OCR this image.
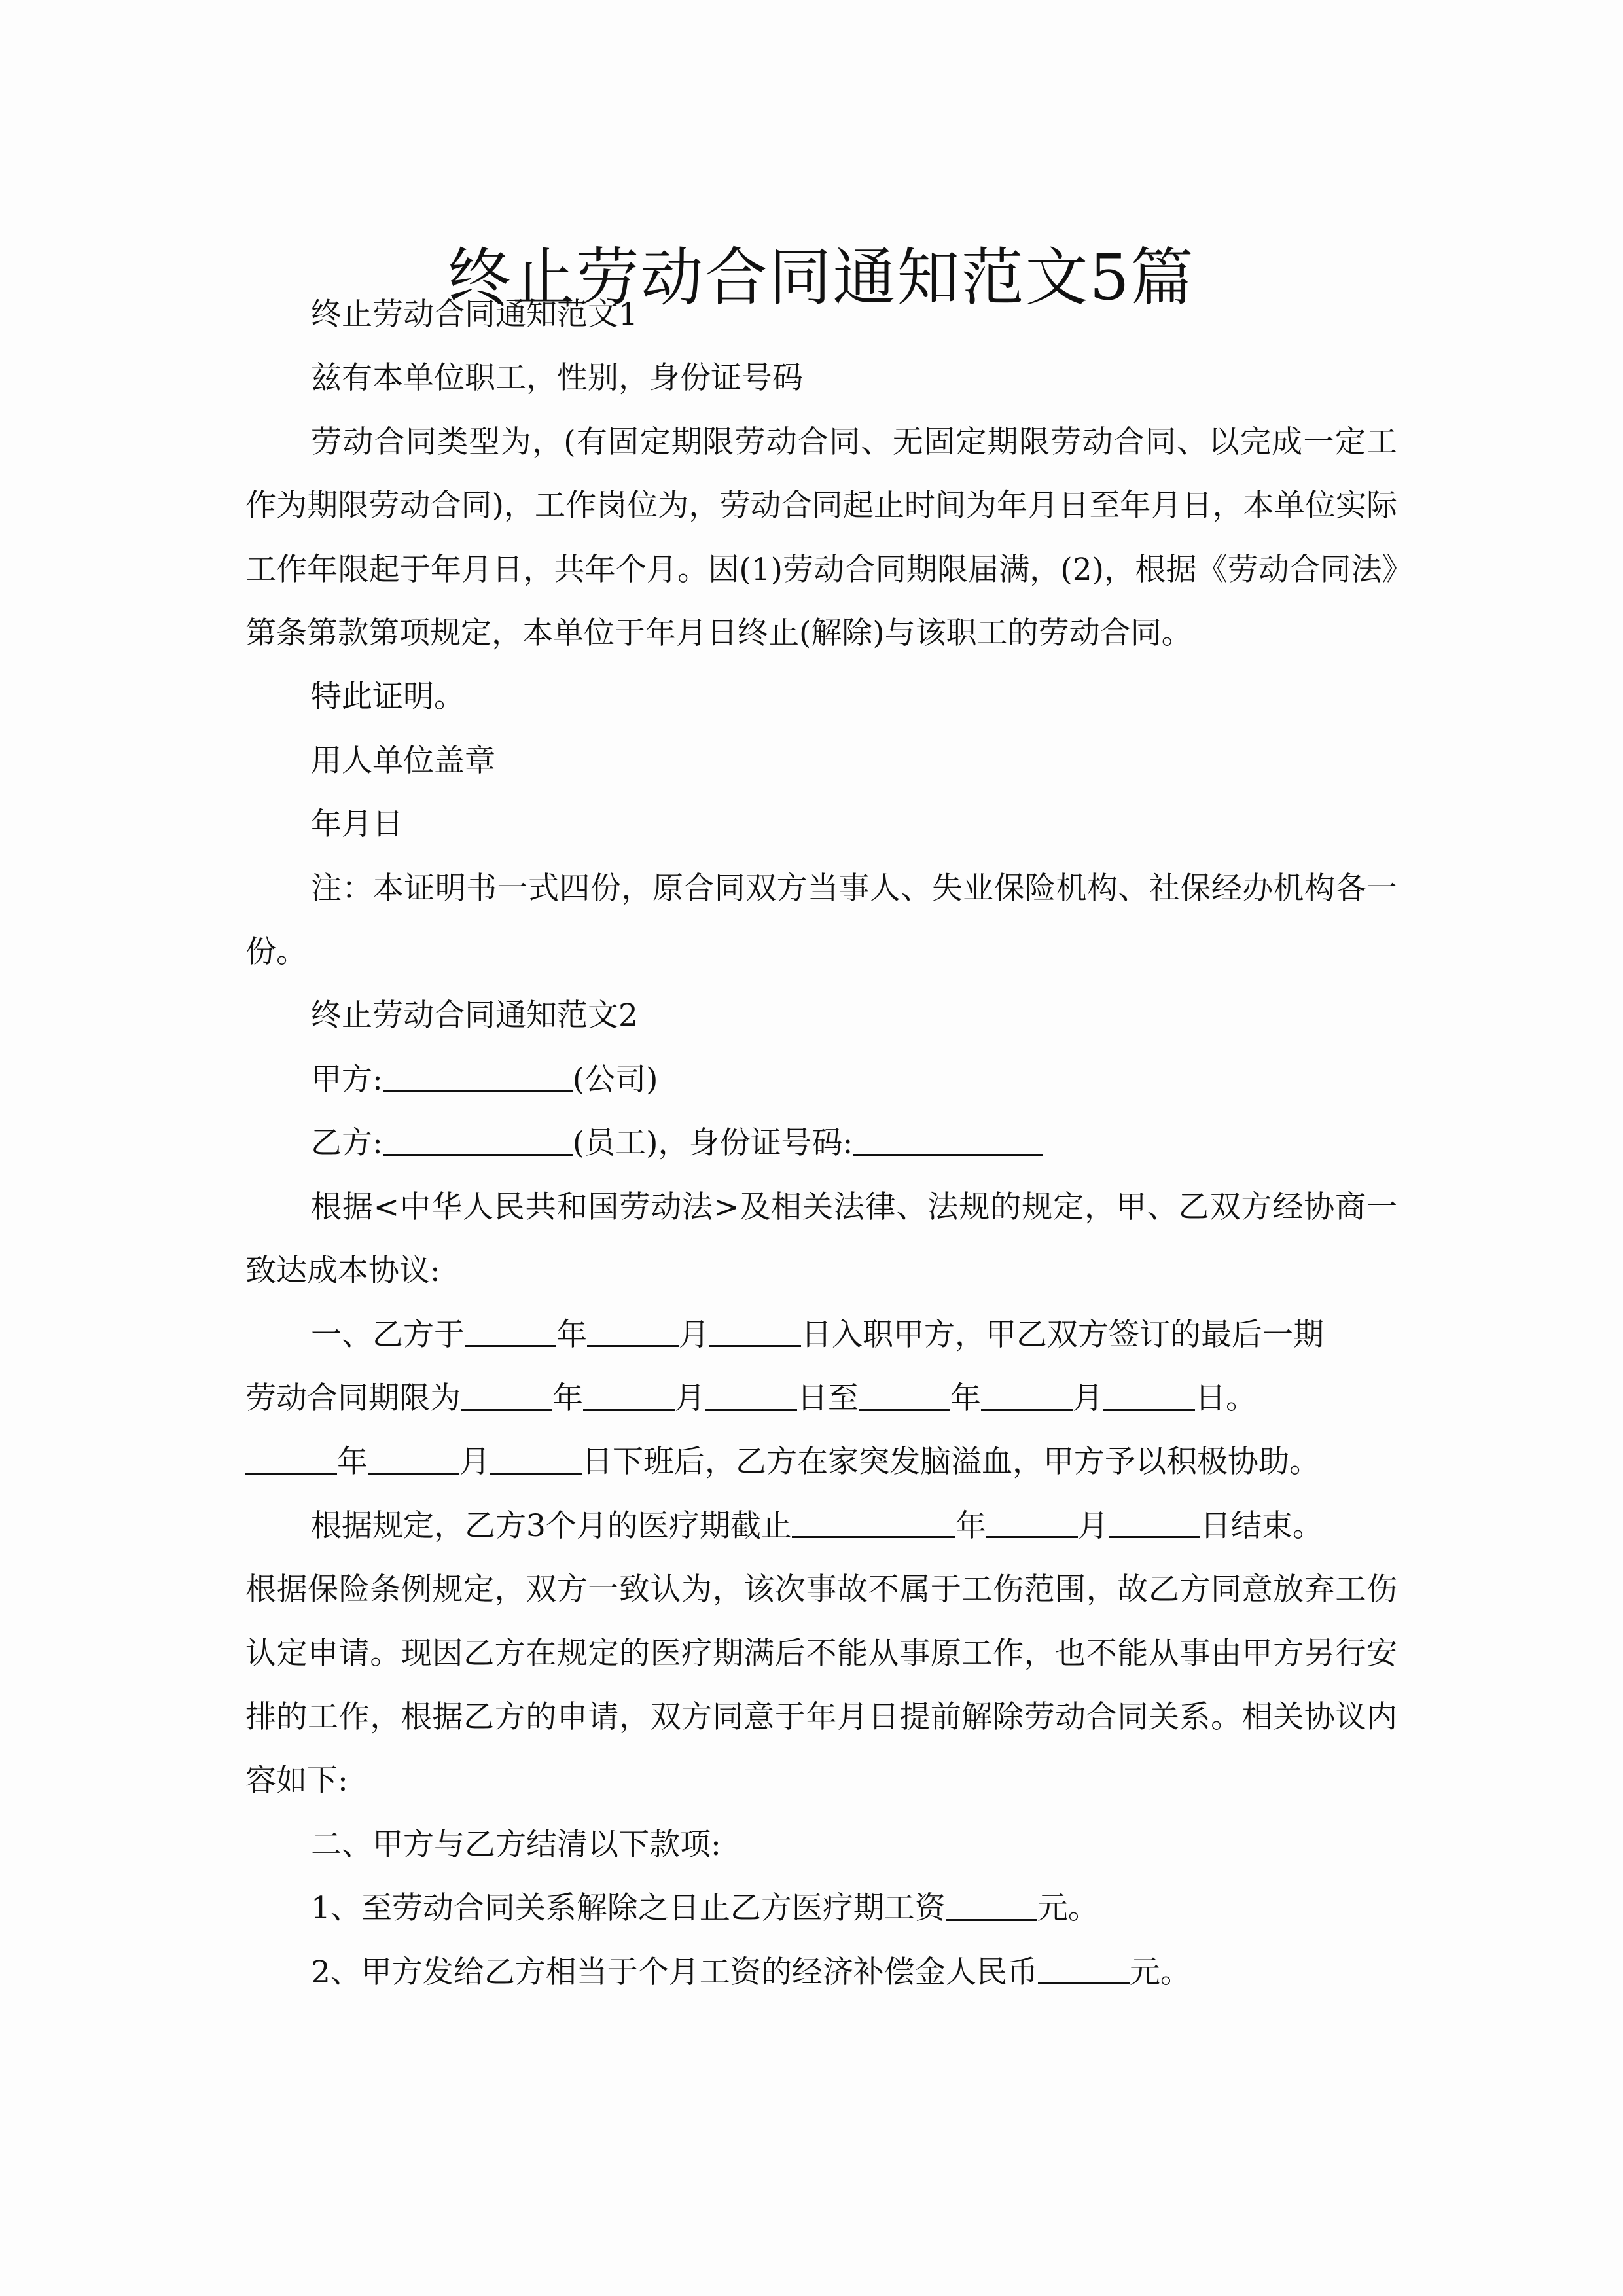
终止劳动合同通知范文5篇

终止劳动合同通知范文1

兹有本单位职工，性别，身份证号码

劳动合同类型为，(有固定期限劳动合同、无固定期限劳动合同、以完成一定工作为期限劳动合同)，工作岗位为，劳动合同起止时间为年月日至年月日，本单位实际工作年限起于年月日，共年个月。因(1)劳动合同期限届满，(2)，根据《劳动合同法》第条第款第项规定，本单位于年月日终止(解除)与该职工的劳动合同。

特此证明。

用人单位盖章

年月日

注：本证明书一式四份，原合同双方当事人、失业保险机构、社保经办机构各一份。

终止劳动合同通知范文2

甲方:	(公司)

乙方:	(员工)，身份证号码:

根据<中华人民共和国劳动法>及相关法律、法规的规定，甲、乙双方经协商一致达成本协议:

一、乙方于	年	月	日入职甲方，甲乙双方签订的最后一期

劳动合同期限为	年	月	日至	年	月	日。

年	月	日下班后，乙方在家突发脑溢血，甲方予以积极协助。

根据规定，乙方3个月的医疗期截止	年	月	日结束。

根据保险条例规定，双方一致认为，该次事故不属于工伤范围，故乙方同意放弃工伤认定申请。现因乙方在规定的医疗期满后不能从事原工作，也不能从事由甲方另行安排的工作，根据乙方的申请，双方同意于年月日提前解除劳动合同关系。相关协议内容如下:

二、甲方与乙方结清以下款项:

1、至劳动合同关系解除之日止乙方医疗期工资	元。

2、甲方发给乙方相当于个月工资的经济补偿金人民币	元。
